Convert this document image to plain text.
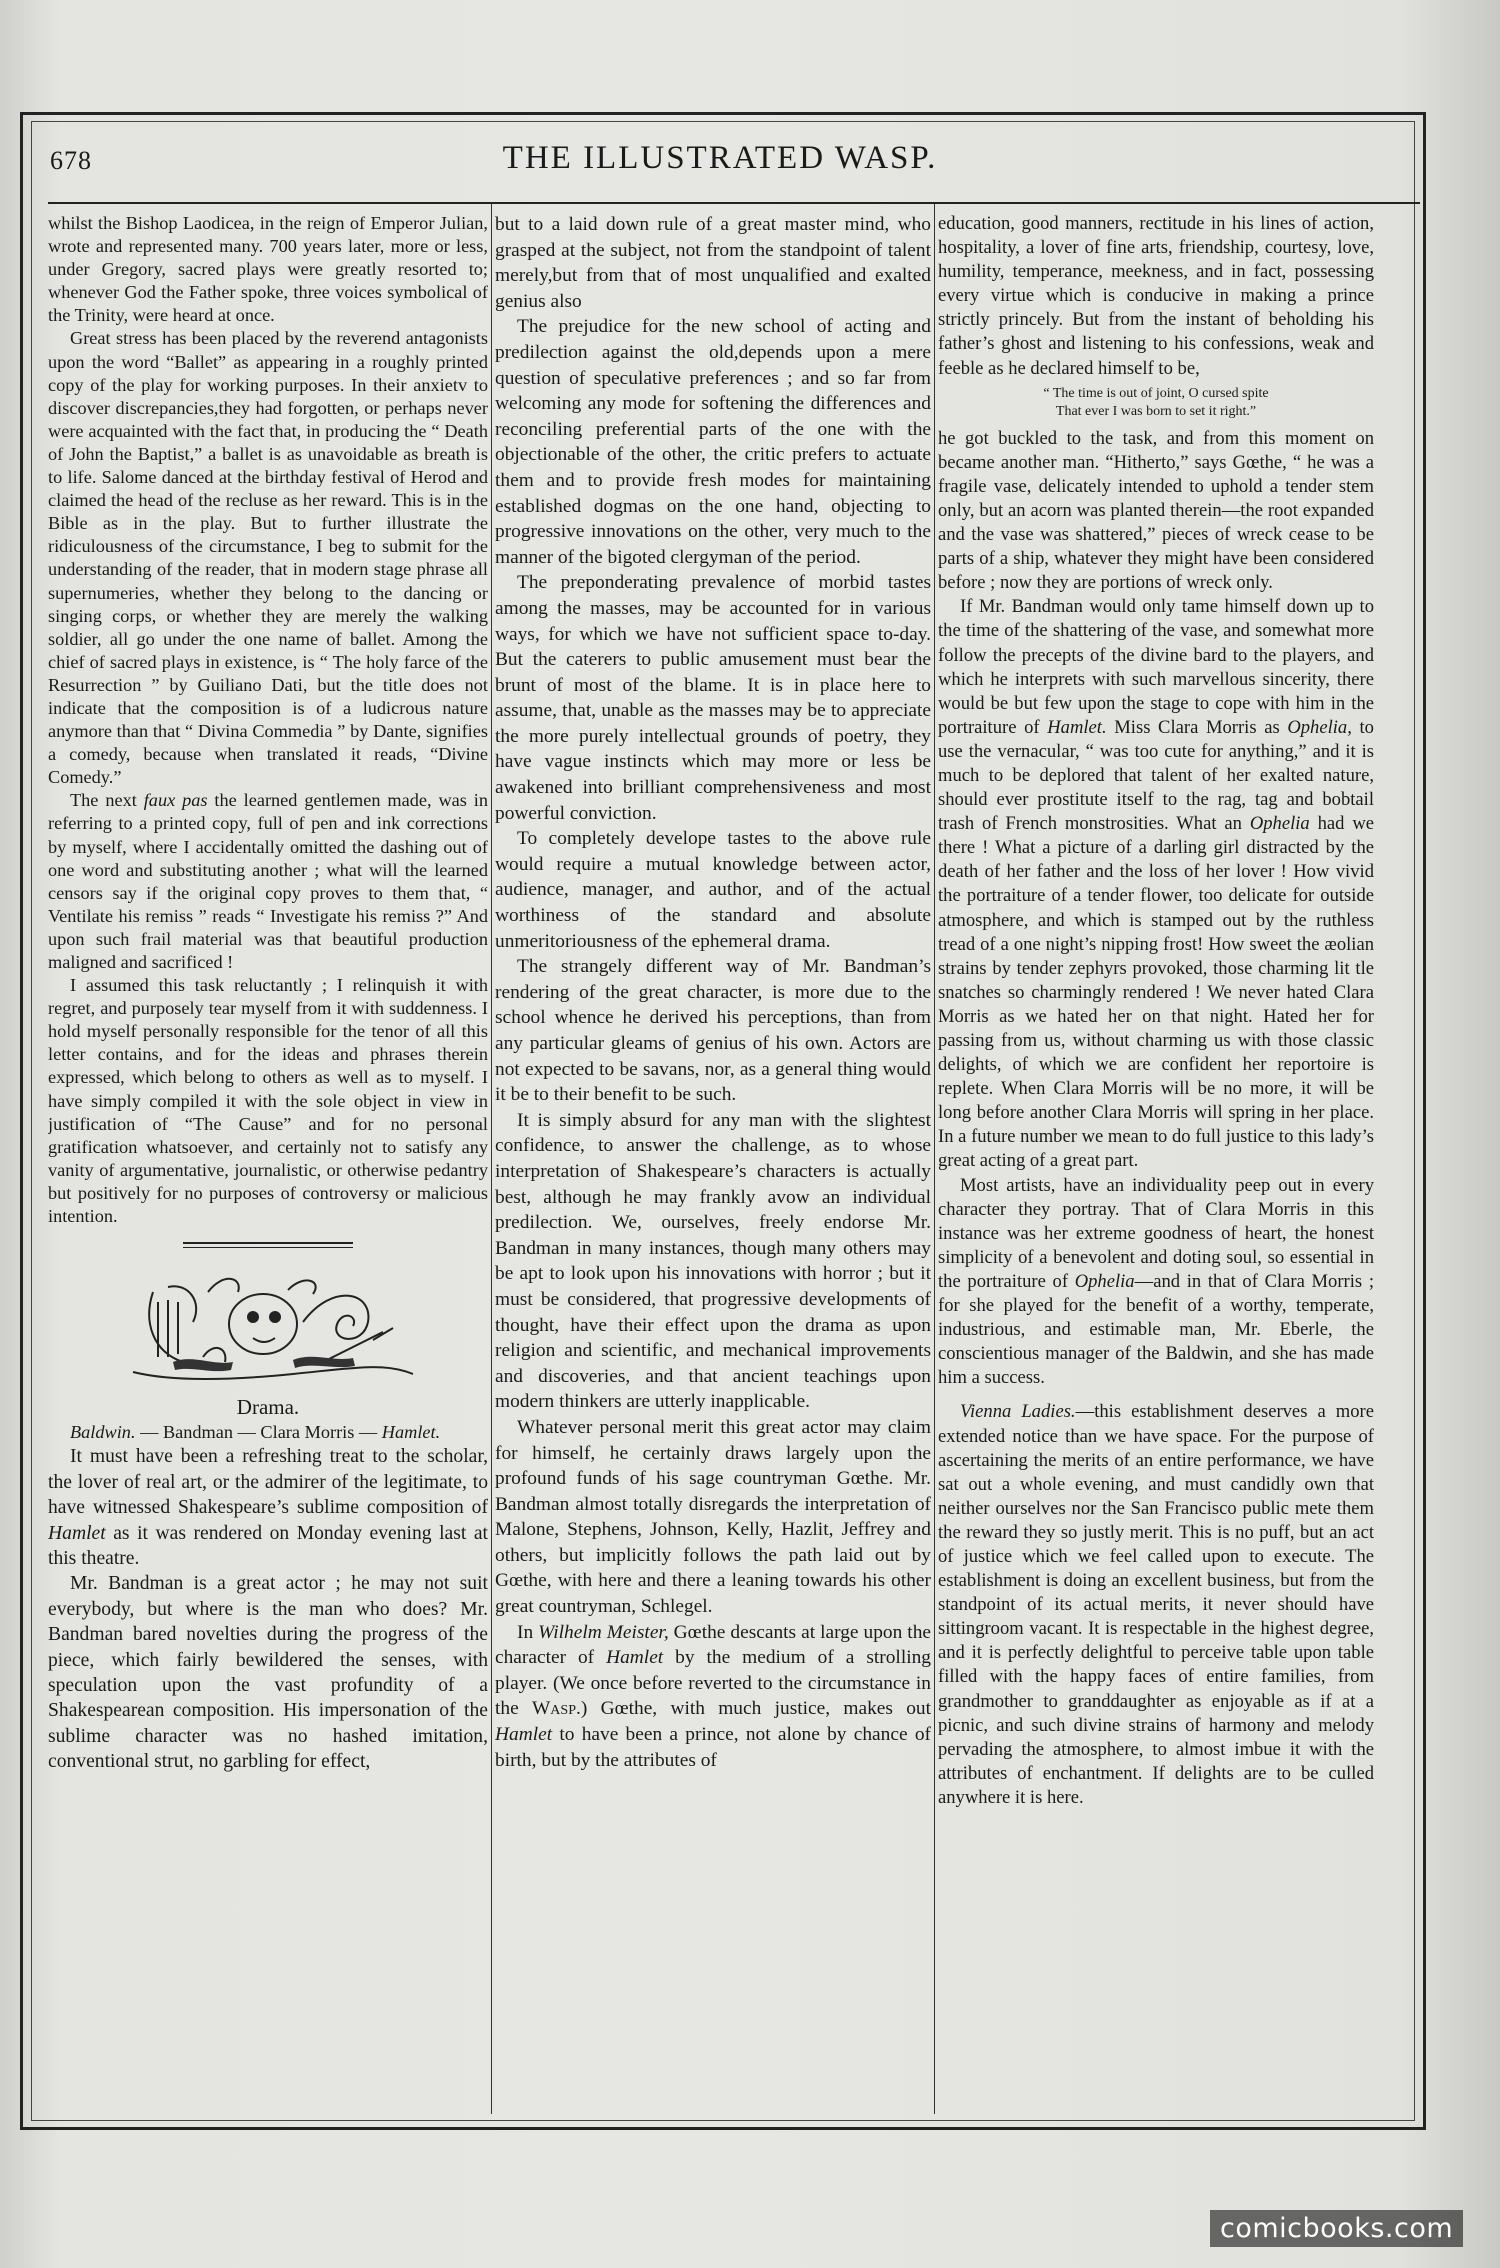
678	THE ILLUSTRATED WASP.

whilst the Bishop Laodicea, in the reign of Emperor Julian, wrote and represented many. 700 years later, more or less, under Gregory, sacred plays were greatly resorted to; whenever God the Father spoke, three voices symbolical of the Trinity, were heard at once.

Great stress has been placed by the reverend antagonists upon the word “Ballet” as appearing in a roughly printed copy of the play for working purposes. In their anxietv to discover discrepancies,they had forgotten, or perhaps never were acquainted with the fact that, in producing the “ Death of John the Baptist,” a ballet is as unavoidable as breath is to life. Salome danced at the birthday festival of Herod and claimed the head of the recluse as her reward. This is in the Bible as in the play. But to further illustrate the ridiculousness of the circumstance, I beg to submit for the understanding of the reader, that in modern stage phrase all supernumeries, whether they belong to the dancing or singing corps, or whether they are merely the walking soldier, all go under the one name of ballet. Among the chief of sacred plays in existence, is “ The holy farce of the Resurrection ” by Guiliano Dati, but the title does not indicate that the composition is of a ludicrous nature anymore than that “ Divina Commedia ” by Dante, signifies a comedy, because when translated it reads, “Divine Comedy.”

The next faux pas the learned gentlemen made, was in referring to a printed copy, full of pen and ink corrections by myself, where I accidentally omitted the dashing out of one word and substituting another ; what will the learned censors say if the original copy proves to them that, “ Ventilate his remiss ” reads “ Investigate his remiss ?” And upon such frail material was that beautiful production maligned and sacrificed !

I assumed this task reluctantly ; I relinquish it with regret, and purposely tear myself from it with suddenness. I hold myself personally responsible for the tenor of all this letter contains, and for the ideas and phrases therein expressed, which belong to others as well as to myself. I have simply compiled it with the sole object in view in justification of “The Cause” and for no personal gratification whatsoever, and certainly not to satisfy any vanity of argumentative, journalistic, or otherwise pedantry but positively for no purposes of controversy or malicious intention.

Drama.

Baldwin. — Bandman — Clara Morris — Hamlet.

It must have been a refreshing treat to the scholar, the lover of real art, or the admirer of the legitimate, to have witnessed Shakespeare’s sublime composition of Hamlet as it was rendered on Monday evening last at this theatre.

Mr. Bandman is a great actor ; he may not suit everybody, but where is the man who does? Mr. Bandman bared novelties during the progress of the piece, which fairly bewildered the senses, with speculation upon the vast profundity of a Shakespearean composition. His impersonation of the sublime character was no hashed imitation, conventional strut, no garbling for effect,

but to a laid down rule of a great master mind, who grasped at the subject, not from the standpoint of talent merely,but from that of most unqualified and exalted genius also

The prejudice for the new school of acting and predilection against the old,depends upon a mere question of speculative preferences ; and so far from welcoming any mode for softening the differences and reconciling preferential parts of the one with the objectionable of the other, the critic prefers to actuate them and to provide fresh modes for maintaining established dogmas on the one hand, objecting to progressive innovations on the other, very much to the manner of the bigoted clergyman of the period.

The preponderating prevalence of morbid tastes among the masses, may be accounted for in various ways, for which we have not sufficient space to-day. But the caterers to public amusement must bear the brunt of most of the blame. It is in place here to assume, that, unable as the masses may be to appreciate the more purely intellectual grounds of poetry, they have vague instincts which may more or less be awakened into brilliant comprehensiveness and most powerful conviction.

To completely develope tastes to the above rule would require a mutual knowledge between actor, audience, manager, and author, and of the actual worthiness of the standard and absolute unmeritoriousness of the ephemeral drama.

The strangely different way of Mr. Bandman’s rendering of the great character, is more due to the school whence he derived his perceptions, than from any particular gleams of genius of his own. Actors are not expected to be savans, nor, as a general thing would it be to their benefit to be such.

It is simply absurd for any man with the slightest confidence, to answer the challenge, as to whose interpretation of Shakespeare’s characters is actually best, although he may frankly avow an individual predilection. We, ourselves, freely endorse Mr. Bandman in many instances, though many others may be apt to look upon his innovations with horror ; but it must be considered, that progressive developments of thought, have their effect upon the drama as upon religion and scientific, and mechanical improvements and discoveries, and that ancient teachings upon modern thinkers are utterly inapplicable.

Whatever personal merit this great actor may claim for himself, he certainly draws largely upon the profound funds of his sage countryman Gœthe. Mr. Bandman almost totally disregards the interpretation of Malone, Stephens, Johnson, Kelly, Hazlit, Jeffrey and others, but implicitly follows the path laid out by Gœthe, with here and there a leaning towards his other great countryman, Schlegel.

In Wilhelm Meister, Gœthe descants at large upon the character of Hamlet by the medium of a strolling player. (We once before reverted to the circumstance in the Wasp.) Gœthe, with much justice, makes out Hamlet to have been a prince, not alone by chance of birth, but by the attributes of

education, good manners, rectitude in his lines of action, hospitality, a lover of fine arts, friendship, courtesy, love, humility, temperance, meekness, and in fact, possessing every virtue which is conducive in making a prince strictly princely. But from the instant of beholding his father’s ghost and listening to his confessions, weak and feeble as he declared himself to be,

“ The time is out of joint, O cursed spite
That ever I was born to set it right.”

he got buckled to the task, and from this moment on became another man. “Hitherto,” says Gœthe, “ he was a fragile vase, delicately intended to uphold a tender stem only, but an acorn was planted therein—the root expanded and the vase was shattered,” pieces of wreck cease to be parts of a ship, whatever they might have been considered before ; now they are portions of wreck only.

If Mr. Bandman would only tame himself down up to the time of the shattering of the vase, and somewhat more follow the precepts of the divine bard to the players, and which he interprets with such marvellous sincerity, there would be but few upon the stage to cope with him in the portraiture of Hamlet. Miss Clara Morris as Ophelia, to use the vernacular, “ was too cute for anything,” and it is much to be deplored that talent of her exalted nature, should ever prostitute itself to the rag, tag and bobtail trash of French monstrosities. What an Ophelia had we there ! What a picture of a darling girl distracted by the death of her father and the loss of her lover ! How vivid the portraiture of a tender flower, too delicate for outside atmosphere, and which is stamped out by the ruthless tread of a one night’s nipping frost! How sweet the æolian strains by tender zephyrs provoked, those charming lit tle snatches so charmingly rendered ! We never hated Clara Morris as we hated her on that night. Hated her for passing from us, without charming us with those classic delights, of which we are confident her reportoire is replete. When Clara Morris will be no more, it will be long before another Clara Morris will spring in her place. In a future number we mean to do full justice to this lady’s great acting of a great part.

Most artists, have an individuality peep out in every character they portray. That of Clara Morris in this instance was her extreme goodness of heart, the honest simplicity of a benevolent and doting soul, so essential in the portraiture of Ophelia—and in that of Clara Morris ; for she played for the benefit of a worthy, temperate, industrious, and estimable man, Mr. Eberle, the conscientious manager of the Baldwin, and she has made him a success.

Vienna Ladies.—this establishment deserves a more extended notice than we have space. For the purpose of ascertaining the merits of an entire performance, we have sat out a whole evening, and must candidly own that neither ourselves nor the San Francisco public mete them the reward they so justly merit. This is no puff, but an act of justice which we feel called upon to execute. The establishment is doing an excellent business, but from the standpoint of its actual merits, it never should have sittingroom vacant. It is respectable in the highest degree, and it is perfectly delightful to perceive table upon table filled with the happy faces of entire families, from grandmother to granddaughter as enjoyable as if at a picnic, and such divine strains of harmony and melody pervading the atmosphere, to almost imbue it with the attributes of enchantment. If delights are to be culled anywhere it is here.

comicbooks.com
